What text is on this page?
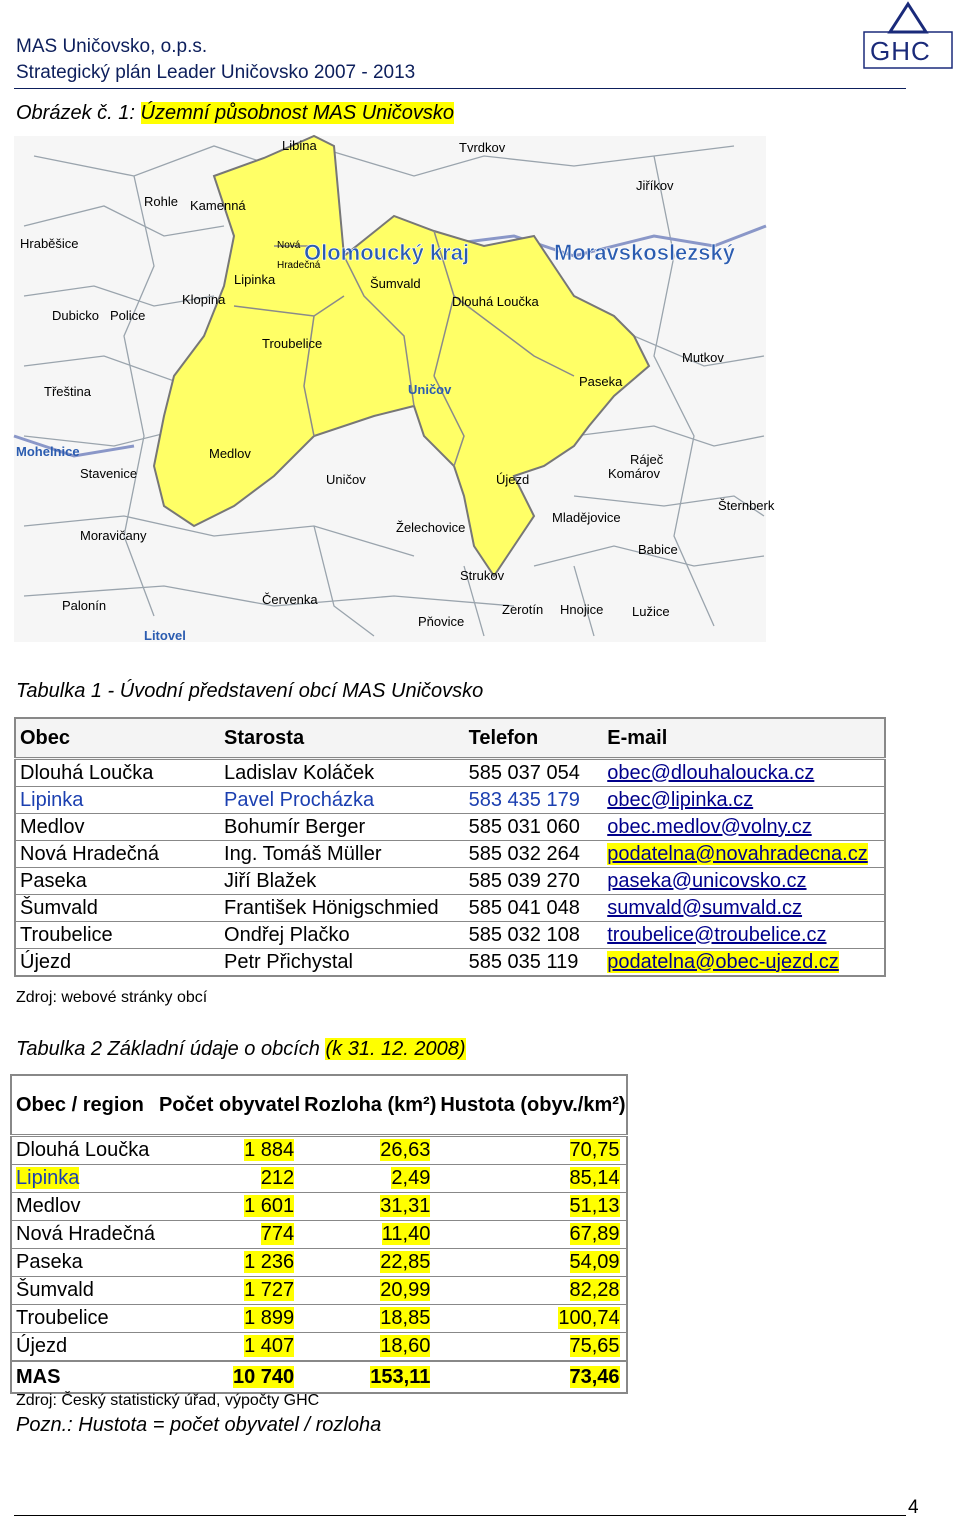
MAS Uničovsko, o.p.s.
Strategický plán Leader Uničovsko 2007 - 2013
GHC
Obrázek č. 1: Územní působnost MAS Uničovsko
Olomoucký kraj	Moravskoslezský
Libina	Tvrdkov
Jiříkov
Rohle Kamenná
Nová
Hradečná
Hraběšice
Lipinka	Šumvald
Dlouhá Loučka
Dubicko Police
Klopina
Troubelice
Uničov
Paseka
Mutkov
Třeština
Mohelnice	Medlov
Uničov
Ráječ
Stavenice	Újezd	Komárov
Moravičany
Želechovice
Mladějovice
Šternberk
Babice
Červenka
Strukov
Palonín	Zerotín Hnojice Lužice
Pňovice
Litovel
Tabulka 1 - Úvodní představení obcí MAS Uničovsko
Obec	Starosta	Telefon	E-mail
Dlouhá Loučka	Ladislav Koláček	585 037 054	obec@dlouhaloucka.cz
Lipinka	Pavel Procházka	583 435 179	obec@lipinka.cz
Medlov	Bohumír Berger	585 031 060	obec.medlov@volny.cz
Nová Hradečná	Ing. Tomáš Müller	585 032 264	podatelna@novahradecna.cz
Paseka	Jiří Blažek	585 039 270	paseka@unicovsko.cz
Šumvald	František Hönigschmied	585 041 048	sumvald@sumvald.cz
Troubelice	Ondřej Plačko	585 032 108	troubelice@troubelice.cz
Újezd	Petr Přichystal	585 035 119	podatelna@obec-ujezd.cz
Zdroj: webové stránky obcí
Tabulka 2 Základní údaje o obcích (k 31. 12. 2008)
Obec / region	Počet obyvatel	Rozloha (km²)	Hustota (obyv./km²)
Dlouhá Loučka	1 884	26,63	70,75
Lipinka	212	2,49	85,14
Medlov	1 601	31,31	51,13
Nová Hradečná	774	11,40	67,89
Paseka	1 236	22,85	54,09
Šumvald	1 727	20,99	82,28
Troubelice	1 899	18,85	100,74
Újezd	1 407	18,60	75,65
MAS	10 740	153,11	73,46
Zdroj: Český statistický úřad, výpočty GHC
Pozn.: Hustota = počet obyvatel / rozloha
4
